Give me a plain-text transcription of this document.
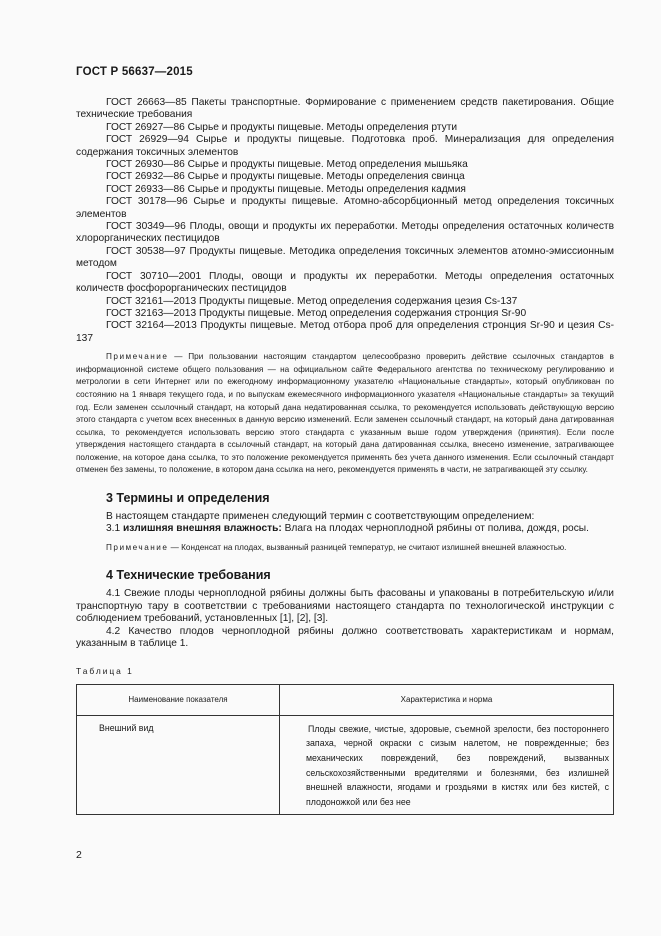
ГОСТ Р 56637—2015

ГОСТ 26663—85 Пакеты транспортные. Формирование с применением средств пакетирования. Общие технические требования

ГОСТ 26927—86 Сырье и продукты пищевые. Методы определения ртути

ГОСТ 26929—94 Сырье и продукты пищевые. Подготовка проб. Минерализация для определения содержания токсичных элементов

ГОСТ 26930—86 Сырье и продукты пищевые. Метод определения мышьяка

ГОСТ 26932—86 Сырье и продукты пищевые. Методы определения свинца

ГОСТ 26933—86 Сырье и продукты пищевые. Методы определения кадмия

ГОСТ 30178—96 Сырье и продукты пищевые. Атомно-абсорбционный метод определения токсичных элементов

ГОСТ 30349—96 Плоды, овощи и продукты их переработки. Методы определения остаточных количеств хлорорганических пестицидов

ГОСТ 30538—97 Продукты пищевые. Методика определения токсичных элементов атомно-эмиссионным методом

ГОСТ 30710—2001 Плоды, овощи и продукты их переработки. Методы определения остаточных количеств фосфорорганических пестицидов

ГОСТ 32161—2013 Продукты пищевые. Метод определения содержания цезия Cs-137

ГОСТ 32163—2013 Продукты пищевые. Метод определения содержания стронция Sr-90

ГОСТ 32164—2013 Продукты пищевые. Метод отбора проб для определения стронция Sr-90 и цезия Cs-137

Примечание — При пользовании настоящим стандартом целесообразно проверить действие ссылочных стандартов в информационной системе общего пользования — на официальном сайте Федерального агентства по техническому регулированию и метрологии в сети Интернет или по ежегодному информационному указателю «Национальные стандарты», который опубликован по состоянию на 1 января текущего года, и по выпускам ежемесячного информационного указателя «Национальные стандарты» за текущий год. Если заменен ссылочный стандарт, на который дана недатированная ссылка, то рекомендуется использовать действующую версию этого стандарта с учетом всех внесенных в данную версию изменений. Если заменен ссылочный стандарт, на который дана датированная ссылка, то рекомендуется использовать версию этого стандарта с указанным выше годом утверждения (принятия). Если после утверждения настоящего стандарта в ссылочный стандарт, на который дана датированная ссылка, внесено изменение, затрагивающее положение, на которое дана ссылка, то это положение рекомендуется применять без учета данного изменения. Если ссылочный стандарт отменен без замены, то положение, в котором дана ссылка на него, рекомендуется применять в части, не затрагивающей эту ссылку.

3 Термины и определения

В настоящем стандарте применен следующий термин с соответствующим определением:

3.1 излишняя внешняя влажность: Влага на плодах черноплодной рябины от полива, дождя, росы.

Примечание — Конденсат на плодах, вызванный разницей температур, не считают излишней внешней влажностью.

4 Технические требования

4.1 Свежие плоды черноплодной рябины должны быть фасованы и упакованы в потребительскую и/или транспортную тару в соответствии с требованиями настоящего стандарта по технологической инструкции с соблюдением требований, установленных [1], [2], [3].

4.2 Качество плодов черноплодной рябины должно соответствовать характеристикам и нормам, указанным в таблице 1.

Таблица 1
Наименование показателя	Характеристика и норма
Внешний вид	Плоды свежие, чистые, здоровые, съемной зрелости, без постороннего запаха, черной окраски с сизым налетом, не поврежденные; без механических повреждений, без повреждений, вызванных сельскохозяйственными вредителями и болезнями, без излишней внешней влажности, ягодами и гроздьями в кистях или без кистей, с плодоножкой или без нее
2
